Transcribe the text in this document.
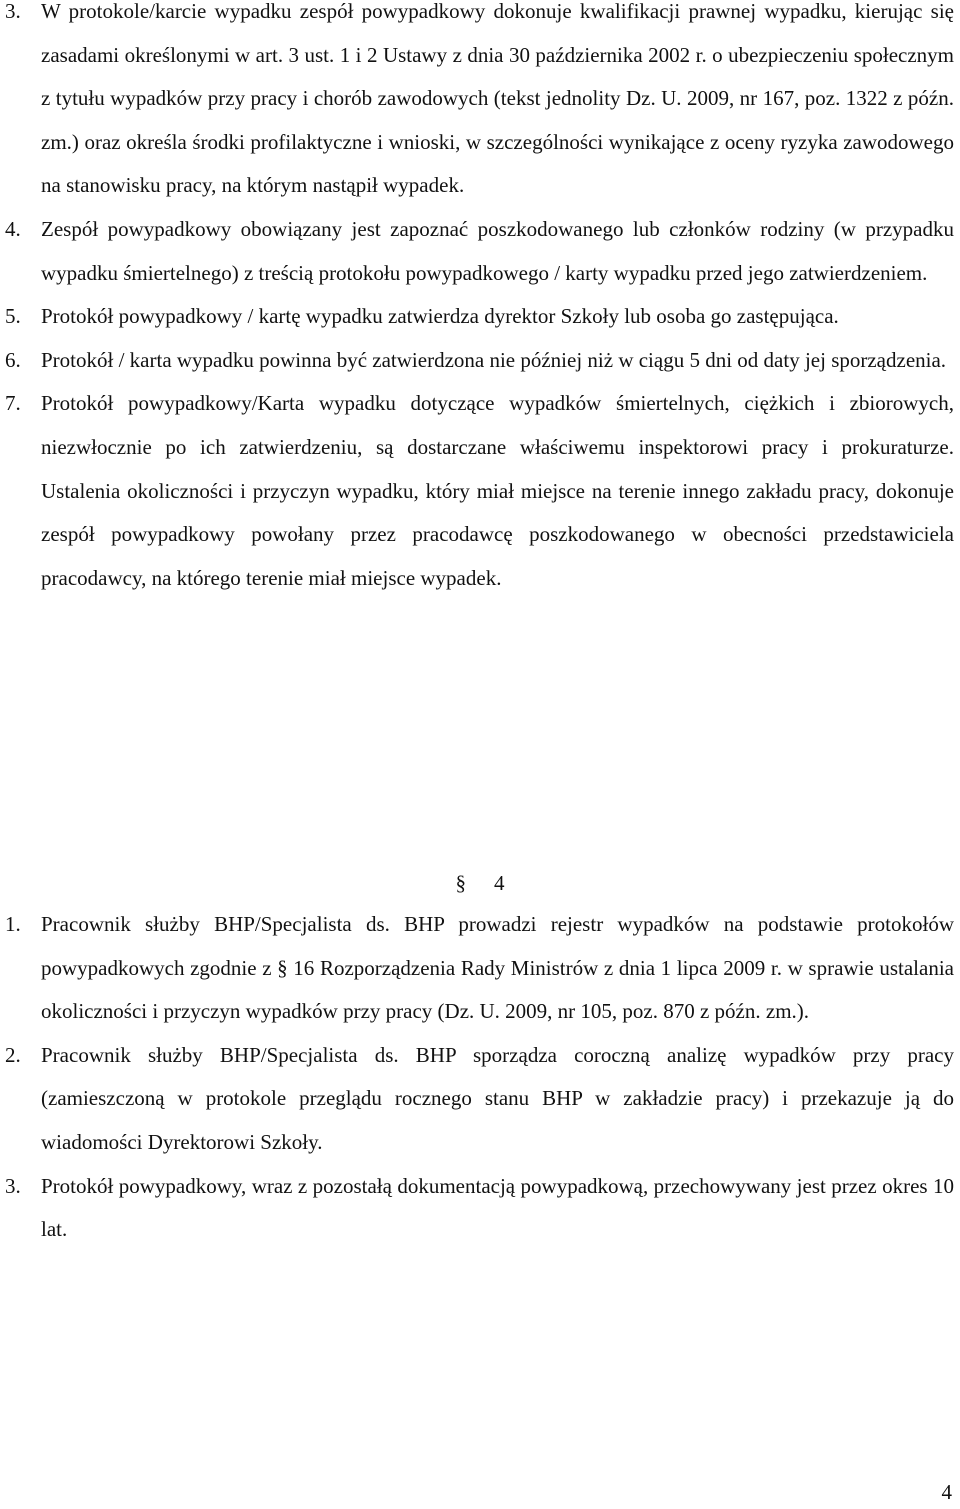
3. W protokole/karcie wypadku zespół powypadkowy dokonuje kwalifikacji prawnej wypadku, kierując się zasadami określonymi w art. 3 ust. 1 i 2 Ustawy z dnia 30 października 2002 r. o ubezpieczeniu społecznym z tytułu wypadków przy pracy i chorób zawodowych (tekst jednolity Dz. U. 2009, nr 167, poz. 1322 z późn. zm.) oraz określa środki profilaktyczne i wnioski, w szczególności wynikające z oceny ryzyka zawodowego na stanowisku pracy, na którym nastąpił wypadek.
4. Zespół powypadkowy obowiązany jest zapoznać poszkodowanego lub członków rodziny (w przypadku wypadku śmiertelnego) z treścią protokołu powypadkowego / karty wypadku przed jego zatwierdzeniem.
5. Protokół powypadkowy / kartę wypadku zatwierdza dyrektor Szkoły lub osoba go zastępująca.
6. Protokół / karta wypadku powinna być zatwierdzona nie później niż w ciągu 5 dni od daty jej sporządzenia.
7. Protokół powypadkowy/Karta wypadku dotyczące wypadków śmiertelnych, ciężkich i zbiorowych, niezwłocznie po ich zatwierdzeniu, są dostarczane właściwemu inspektorowi pracy i prokuraturze. Ustalenia okoliczności i przyczyn wypadku, który miał miejsce na terenie innego zakładu pracy, dokonuje zespół powypadkowy powołany przez pracodawcę poszkodowanego w obecności przedstawiciela pracodawcy, na którego terenie miał miejsce wypadek.
§ 4
1. Pracownik służby BHP/Specjalista ds. BHP prowadzi rejestr wypadków na podstawie protokołów powypadkowych zgodnie z § 16 Rozporządzenia Rady Ministrów z dnia 1 lipca 2009 r. w sprawie ustalania okoliczności i przyczyn wypadków przy pracy (Dz. U. 2009, nr 105, poz. 870 z późn. zm.).
2. Pracownik służby BHP/Specjalista ds. BHP sporządza coroczną analizę wypadków przy pracy (zamieszczoną w protokole przeglądu rocznego stanu BHP w zakładzie pracy) i przekazuje ją do wiadomości Dyrektorowi Szkoły.
3. Protokół powypadkowy, wraz z pozostałą dokumentacją powypadkową, przechowywany jest przez okres 10 lat.
4
